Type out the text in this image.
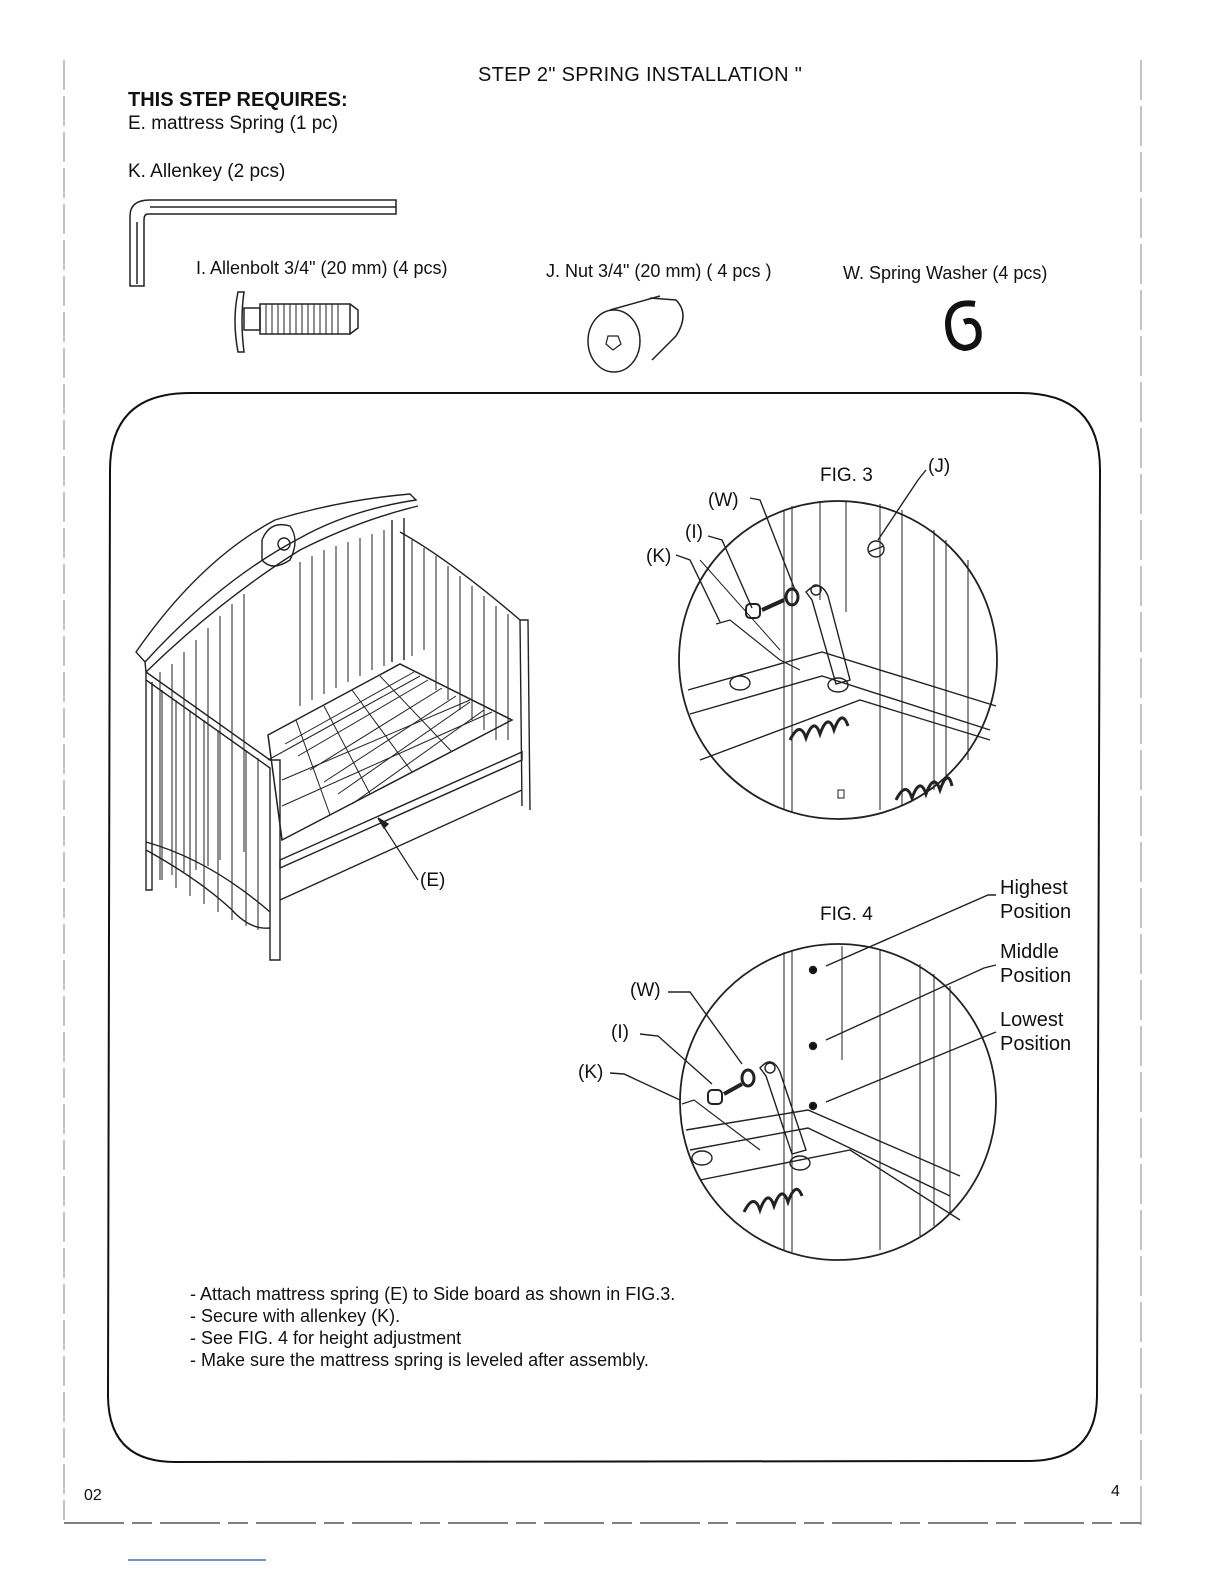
STEP 2" SPRING INSTALLATION "
THIS STEP REQUIRES:
E. mattress Spring (1 pc)
K. Allenkey (2 pcs)
I. Allenbolt 3/4" (20 mm) (4 pcs)	J. Nut 3/4" (20 mm) ( 4 pcs )	W. Spring Washer (4 pcs)
(E)
FIG. 3	(J)
(W)
(I)
(K)
FIG. 4
(W)
(I)
(K)
Highest
Position
Middle
Position
Lowest
Position
- Attach mattress spring (E) to Side board as shown in FIG.3.
- Secure with allenkey (K).
- See FIG. 4 for height adjustment
- Make sure the mattress spring is leveled after assembly.
02	4
